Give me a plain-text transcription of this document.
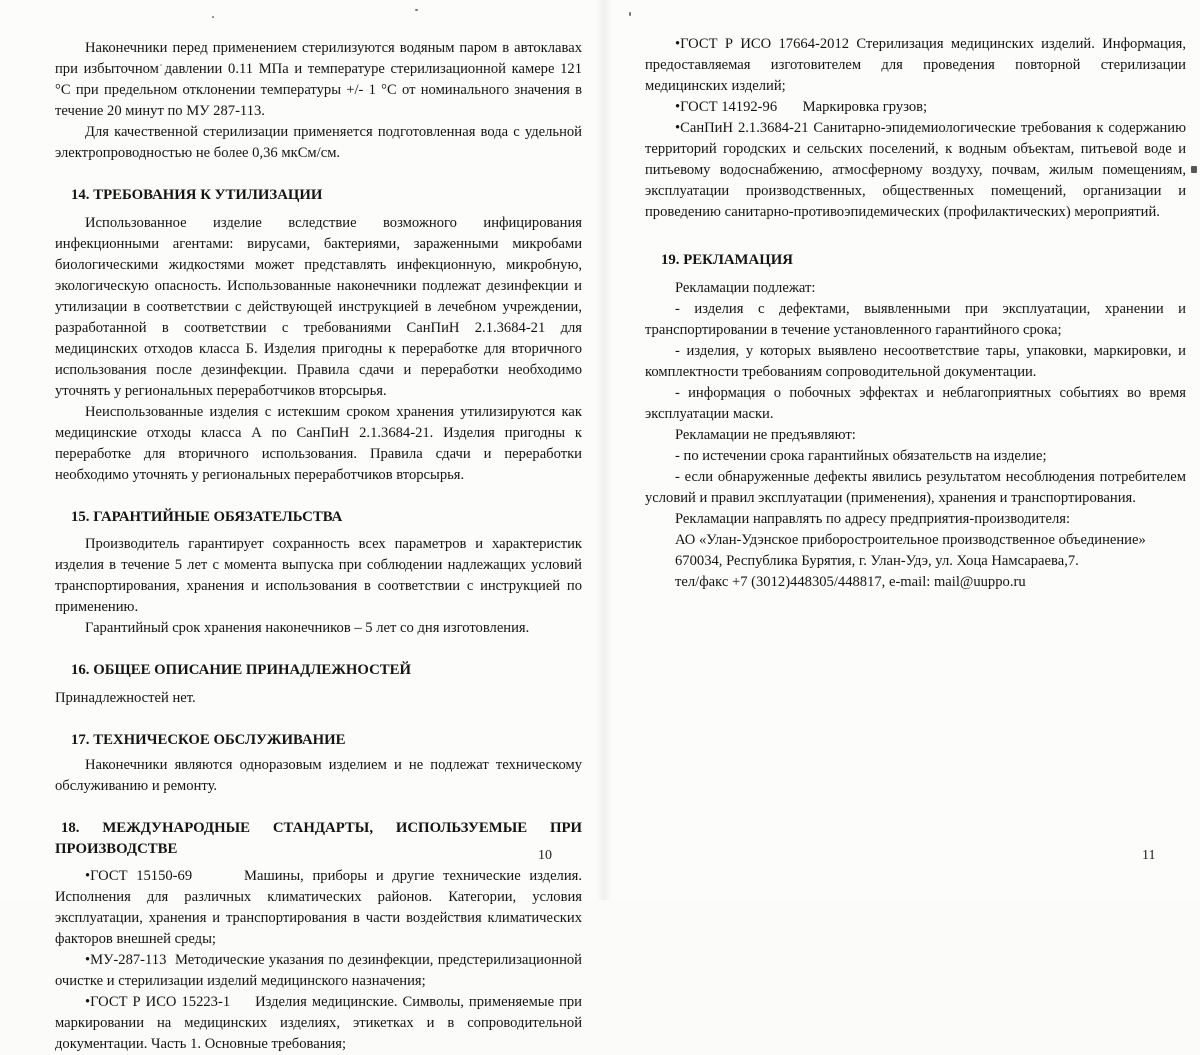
Наконечники перед применением стерилизуются водяным паром в автоклавах при избыточном давлении 0.11 МПа и температуре стерилизационной камере 121 °С при предельном отклонении температуры +/- 1 °С от номинального значения в течение 20 минут по МУ 287-113.

Для качественной стерилизации применяется подготовленная вода с удельной электропроводностью не более 0,36 мкСм/см.

14. ТРЕБОВАНИЯ К УТИЛИЗАЦИИ

Использованное изделие вследствие возможного инфицирования инфекционными агентами: вирусами, бактериями, зараженными микробами биологическими жидкостями может представлять инфекционную, микробную, экологическую опасность. Использованные наконечники подлежат дезинфекции и утилизации в соответствии с действующей инструкцией в лечебном учреждении, разработанной в соответствии с требованиями СанПиН 2.1.3684-21 для медицинских отходов класса Б. Изделия пригодны к переработке для вторичного использования после дезинфекции. Правила сдачи и переработки необходимо уточнять у региональных переработчиков вторсырья.

Неиспользованные изделия с истекшим сроком хранения утилизируются как медицинские отходы класса А по СанПиН 2.1.3684-21. Изделия пригодны к переработке для вторичного использования. Правила сдачи и переработки необходимо уточнять у региональных переработчиков вторсырья.

15. ГАРАНТИЙНЫЕ ОБЯЗАТЕЛЬСТВА

Производитель гарантирует сохранность всех параметров и характеристик изделия в течение 5 лет с момента выпуска при соблюдении надлежащих условий транспортирования, хранения и использования в соответствии с инструкцией по применению.

Гарантийный срок хранения наконечников – 5 лет со дня изготовления.

16. ОБЩЕЕ ОПИСАНИЕ ПРИНАДЛЕЖНОСТЕЙ

Принадлежностей нет.

17. ТЕХНИЧЕСКОЕ ОБСЛУЖИВАНИЕ

Наконечники являются одноразовым изделием и не подлежат техническому обслуживанию и ремонту.

18. МЕЖДУНАРОДНЫЕ СТАНДАРТЫ, ИСПОЛЬЗУЕМЫЕ ПРИ ПРОИЗВОДСТВЕ

•ГОСТ 15150-69      Машины, приборы и другие технические изделия. Исполнения для различных климатических районов. Категории, условия эксплуатации, хранения и транспортирования в части воздействия климатических факторов внешней среды;

•МУ-287-113  Методические указания по дезинфекции, предстерилизационной очистке и стерилизации изделий медицинского назначения;

•ГОСТ Р ИСО 15223-1     Изделия медицинские. Символы, применяемые при маркировании на медицинских изделиях, этикетках и в сопроводительной документации. Часть 1. Основные требования;

•ГОСТ Р ИСО 17664-2012 Стерилизация медицинских изделий. Информация, предоставляемая изготовителем для проведения повторной стерилизации медицинских изделий;

•ГОСТ 14192-96       Маркировка грузов;

•СанПиН 2.1.3684-21 Санитарно-эпидемиологические требования к содержанию территорий городских и сельских поселений, к водным объектам, питьевой воде и питьевому водоснабжению, атмосферному воздуху, почвам, жилым помещениям, эксплуатации производственных, общественных помещений, организации и проведению санитарно-противоэпидемических (профилактических) мероприятий.

19. РЕКЛАМАЦИЯ

Рекламации подлежат:

- изделия с дефектами, выявленными при эксплуатации, хранении и транспортировании в течение установленного гарантийного срока;

- изделия, у которых выявлено несоответствие тары, упаковки, маркировки, и комплектности требованиям сопроводительной документации.

- информация о побочных эффектах и неблагоприятных событиях во время эксплуатации маски.

Рекламации не предъявляют:

- по истечении срока гарантийных обязательств на изделие;

- если обнаруженные дефекты явились результатом несоблюдения потребителем условий и правил эксплуатации (применения), хранения и транспортирования.

Рекламации направлять по адресу предприятия-производителя:

АО «Улан-Удэнское приборостроительное производственное объединение»

670034, Республика Бурятия, г. Улан-Удэ, ул. Хоца Намсараева,7.

тел/факс +7 (3012)448305/448817, e-mail: mail@uuppo.ru

10	11
